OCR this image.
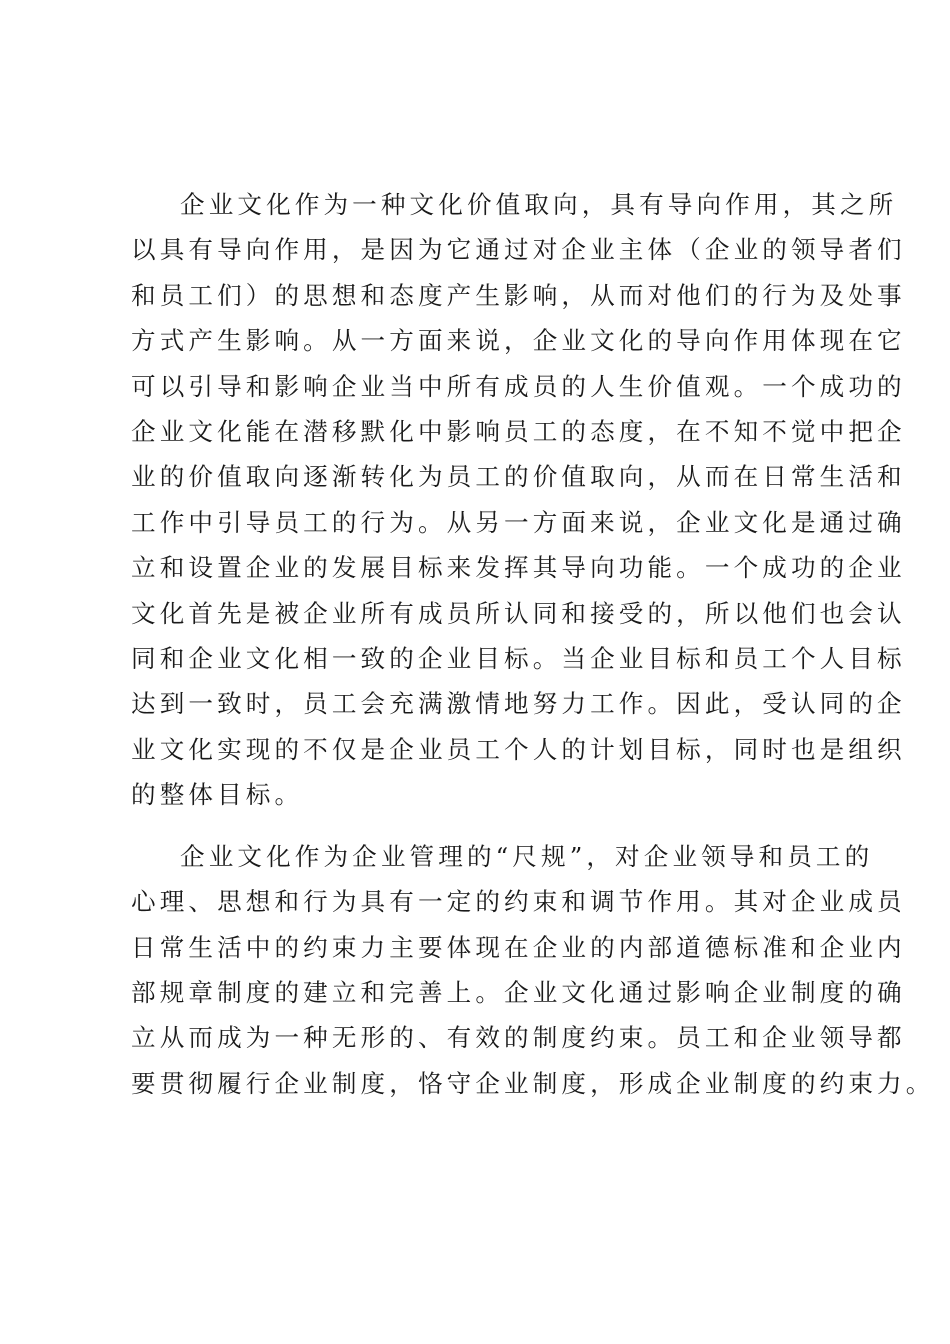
企业文化作为一种文化价值取向，具有导向作用，其之所
以具有导向作用，是因为它通过对企业主体（企业的领导者们
和员工们）的思想和态度产生影响，从而对他们的行为及处事
方式产生影响。从一方面来说，企业文化的导向作用体现在它
可以引导和影响企业当中所有成员的人生价值观。一个成功的
企业文化能在潜移默化中影响员工的态度，在不知不觉中把企
业的价值取向逐渐转化为员工的价值取向，从而在日常生活和
工作中引导员工的行为。从另一方面来说，企业文化是通过确
立和设置企业的发展目标来发挥其导向功能。一个成功的企业
文化首先是被企业所有成员所认同和接受的，所以他们也会认
同和企业文化相一致的企业目标。当企业目标和员工个人目标
达到一致时，员工会充满激情地努力工作。因此，受认同的企
业文化实现的不仅是企业员工个人的计划目标，同时也是组织
的整体目标。
企业文化作为企业管理的“尺规”，对企业领导和员工的
心理、思想和行为具有一定的约束和调节作用。其对企业成员
日常生活中的约束力主要体现在企业的内部道德标准和企业内
部规章制度的建立和完善上。企业文化通过影响企业制度的确
立从而成为一种无形的、有效的制度约束。员工和企业领导都
要贯彻履行企业制度，恪守企业制度，形成企业制度的约束力。
